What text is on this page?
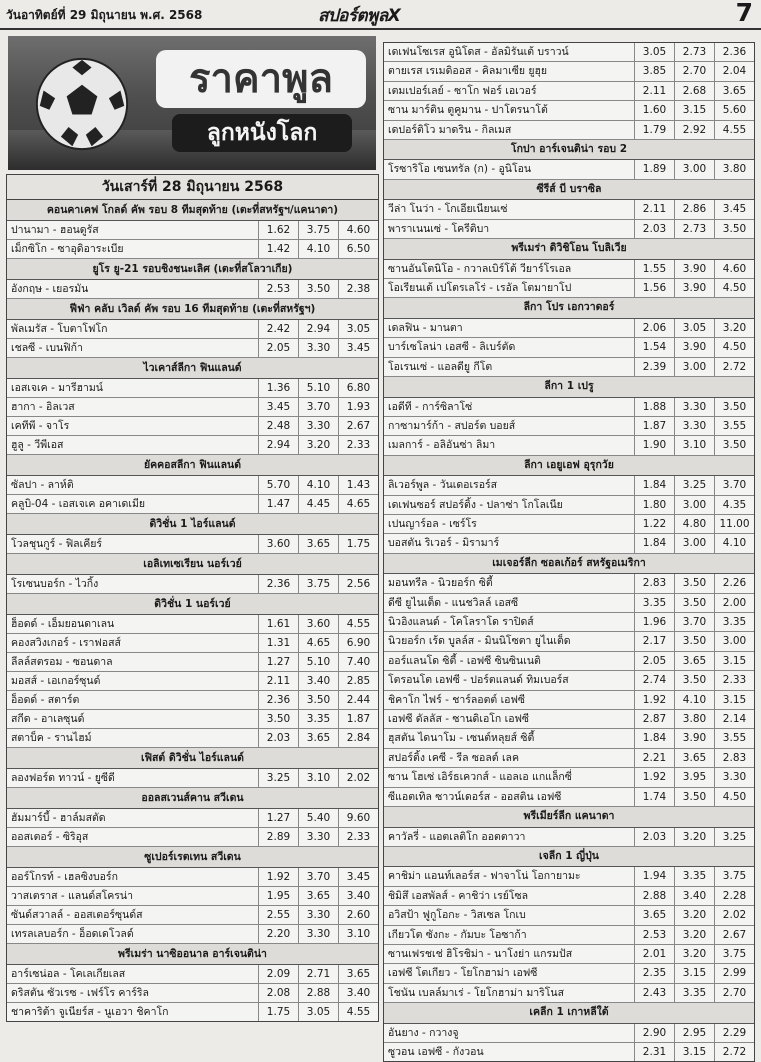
วันอาทิตย์ที่ 29 มิถุนายน พ.ศ. 2568	สปอร์ตพูลX	7
ราคาพูล
ลูกหนังโลก
วันเสาร์ที่ 28 มิถุนายน 2568
คอนคาเคฟ โกลด์ คัพ รอบ 8 ทีมสุดท้าย (เตะที่สหรัฐฯ/แคนาดา)
ปานามา - ฮอนดูรัส	1.62	3.75	4.60
เม็กซิโก - ซาอุดิอาระเบีย	1.42	4.10	6.50
ยูโร ยู-21 รอบชิงชนะเลิศ (เตะที่สโลวาเกีย)
อังกฤษ - เยอรมัน	2.53	3.50	2.38
ฟีฟ่า คลับ เวิลด์ คัพ รอบ 16 ทีมสุดท้าย (เตะที่สหรัฐฯ)
พัลเมรัส - โบตาโฟโก	2.42	2.94	3.05
เชลซี - เบนฟิก้า	2.05	3.30	3.45
ไวเคาส์ลีกา ฟินแลนด์
เอสเจเค - มารีฮามน์	1.36	5.10	6.80
ฮากา - อิลเวส	3.45	3.70	1.93
เคทีพี - จาโร	2.48	3.30	2.67
ฮูลู - วีพีเอส	2.94	3.20	2.33
ยัคคอสลีกา ฟินแลนด์
ซัลปา - ลาห์ติ	5.70	4.10	1.43
คลูบิ-04 - เอสเจเค อคาเดเมีย	1.47	4.45	4.65
ดิวิชั่น 1 ไอร์แลนด์
โวลชุนกูร์ - ฟิลเคียร์	3.60	3.65	1.75
เอลิเทเซเรียน นอร์เวย์
โรเซนบอร์ก - ไวกิ้ง	2.36	3.75	2.56
ดิวิชั่น 1 นอร์เวย์
ฮ็อดด์ - เอ็มยอนดาเลน	1.61	3.60	4.55
คองสวิงเกอร์ - เราฟอสส์	1.31	4.65	6.90
ลีลล์สตรอม - ซอนดาล	1.27	5.10	7.40
มอสส์ - เอเกอร์ซุนด์	2.11	3.40	2.85
อ็อดด์ - สตาร์ต	2.36	3.50	2.44
สกีด - อาเลซุนด์	3.50	3.35	1.87
สตาบ็ค - รานไฮม์	2.03	3.65	2.84
เฟิสต์ ดิวิชั่น ไอร์แลนด์
ลองฟอร์ด ทาวน์ - ยูซีดี	3.25	3.10	2.02
ออลสเวนส์คาน สวีเดน
ฮัมมาร์บี้ - ฮาล์มสตัด	1.27	5.40	9.60
ออสเตอร์ - ซิริอุส	2.89	3.30	2.33
ซูเปอร์เรตเทน สวีเดน
ออร์โกรท์ - เฮลซิงบอร์ก	1.92	3.70	3.45
วาสเตราส - แลนด์สโครน่า	1.95	3.65	3.40
ซันด์สวาลล์ - ออสเตอร์ซุนด์ส	2.55	3.30	2.60
เทรลเลบอร์ก - อ็อดเดโวลด์	2.20	3.30	3.10
พรีเมร่า นาซิออนาล อาร์เจนติน่า
อาร์เซน่อล - โคเลเกียเลส	2.09	2.71	3.65
ดริสตัน ซัวเรซ - เฟร์โร คาร์ริล	2.08	2.88	3.40
ชาคาริต้า จูเนียร์ส - นูเอวา ชิคาโก	1.75	3.05	4.55
เดเฟนโซเรส อูนิโดส - อัลมิรันเต้ บราวน์	3.05	2.73	2.36
ตายเรส เรเมดิออส - คิลมาเซีย ยูฮุย	3.85	2.70	2.04
เตมเปอร์เลย์ - ซาโก ฟอร์ เอเวอร์	2.11	2.68	3.65
ซาน มาร์ติน ตูคูมาน - ปาโตรนาโต้	1.60	3.15	5.60
เดปอร์ติโว มาดริน - กิลเมส	1.79	2.92	4.55
โกปา อาร์เจนติน่า รอบ 2
โรซาริโอ เซนทรัล (ก) - อูนิโอน	1.89	3.00	3.80
ซีรีส์ บี บราซิล
วีล่า โนว่า - โกเอียเนียนเซ่	2.11	2.86	3.45
พาราเนนเซ่ - โครีติบา	2.03	2.73	3.50
พรีเมร่า ดิวิชิโอน โบลิเวีย
ซานอันโตนิโอ - กวาลเบิร์โต้ วียาร์โรเอล	1.55	3.90	4.60
โอเรียนเต้ เปโตรเลโร่ - เรอัล โตมายาโป	1.56	3.90	4.50
ลีกา โปร เอกวาดอร์
เดลฟิน - มานตา	2.06	3.05	3.20
บาร์เซโลน่า เอสซี - ลิเบร์ตัด	1.54	3.90	4.50
โอเรนเซ่ - แอลดียู กีโต	2.39	3.00	2.72
ลีกา 1 เปรู
เอดีที - การ์ซิลาโซ่	1.88	3.30	3.50
กาซามาร์ก้า - สปอร์ต บอยส์	1.87	3.30	3.55
เมลการ์ - อลิอันซ่า ลิมา	1.90	3.10	3.50
ลีกา เอยูเอฟ อุรุกวัย
ลิเวอร์พูล - วันเดอเรอร์ส	1.84	3.25	3.70
เดเฟนซอร์ สปอร์ติ้ง - ปลาซ่า โกโลเนีย	1.80	3.00	4.35
เปนญาร์อล - เซร์โร	1.22	4.80	11.00
บอสตัน ริเวอร์ - มิรามาร์	1.84	3.00	4.10
เมเจอร์ลีก ซอลเก้อร์ สหรัฐอเมริกา
มอนทรีล - นิวยอร์ก ซิตี้	2.83	3.50	2.26
ดีซี ยูไนเต็ด - แนชวิลล์ เอสซี	3.35	3.50	2.00
นิวอิงแลนด์ - โคโลราโด ราปิดส์	1.96	3.70	3.35
นิวยอร์ก เร้ด บูลล์ส - มินนิโซตา ยูไนเต็ด	2.17	3.50	3.00
ออร์แลนโด ซิตี้ - เอฟซี ซินซินเนติ	2.05	3.65	3.15
โตรอนโต เอฟซี - ปอร์ตแลนด์ ทิมเบอร์ส	2.74	3.50	2.33
ชิคาโก ไฟร์ - ชาร์ลอตต์ เอฟซี	1.92	4.10	3.15
เอฟซี ดัลลัส - ซานดิเอโก เอฟซี	2.87	3.80	2.14
ฮุสตัน ไดนาโม - เซนต์หลุยส์ ซิตี้	1.84	3.90	3.55
สปอร์ติ้ง เคซี - รีล ซอลต์ เลค	2.21	3.65	2.83
ซาน โฮเซ่ เอิร์ธเควกส์ - แอลเอ แกแล็กซี่	1.92	3.95	3.30
ซีแอตเทิล ซาวน์เดอร์ส - ออสติน เอฟซี	1.74	3.50	4.50
พรีเมียร์ลีก แคนาดา
คาวัลรี่ - แอตเลติโก ออตตาวา	2.03	3.20	3.25
เจลีก 1 ญี่ปุ่น
คาชิม่า แอนท์เลอร์ส - ฟาจาโน่ โอกายามะ	1.94	3.35	3.75
ชิมิสึ เอสพัลส์ - คาชิว่า เรย์โซล	2.88	3.40	2.28
อวิสป้า ฟูกูโอกะ - วิสเซล โกเบ	3.65	3.20	2.02
เกียวโต ซังกะ - กัมบะ โอซาก้า	2.53	3.20	2.67
ซานเฟรชเช่ ฮิโรชิม่า - นาโงย่า แกรมปัส	2.01	3.20	3.75
เอฟซี โตเกียว - โยโกฮาม่า เอฟซี	2.35	3.15	2.99
โชนัน เบลล์มาเร่ - โยโกฮาม่า มาริโนส	2.43	3.35	2.70
เคลีก 1 เกาหลีใต้
อันยาง - กวางจู	2.90	2.95	2.29
ซูวอน เอฟซี - กังวอน	2.31	3.15	2.72
